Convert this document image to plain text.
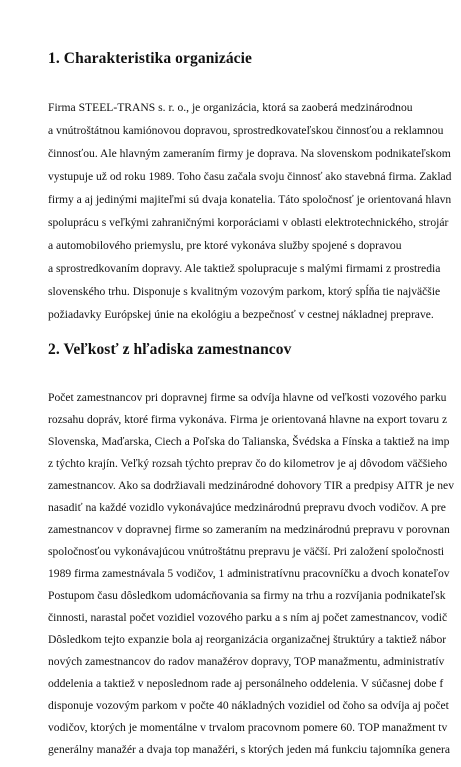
1. Charakteristika organizácie
Firma STEEL-TRANS s. r. o., je organizácia, ktorá sa zaoberá medzinárodnou
a vnútroštátnou kamiónovou dopravou, sprostredkovateľskou činnosťou a reklamnou
činnosťou. Ale hlavným zameraním firmy je doprava. Na slovenskom podnikateľskom
vystupuje už od roku 1989. Toho času začala svoju činnosť ako stavebná firma. Zaklad
firmy a aj jedinými majiteľmi sú dvaja konatelia. Táto spoločnosť je orientovaná hlavn
spoluprácu s veľkými zahraničnými korporáciami v oblasti elektrotechnického, strojár
a automobilového priemyslu, pre ktoré vykonáva služby spojené s dopravou
a sprostredkovaním dopravy. Ale taktiež spolupracuje s malými firmami z prostredia
slovenského trhu. Disponuje s kvalitným vozovým parkom, ktorý spĺňa tie najväčšie
požiadavky Európskej únie na ekológiu a bezpečnosť v cestnej nákladnej preprave.
2. Veľkosť z hľadiska zamestnancov
Počet zamestnancov pri dopravnej firme sa odvíja hlavne od veľkosti vozového parku
rozsahu dopráv, ktoré firma vykonáva. Firma je orientovaná hlavne na export tovaru z
Slovenska, Maďarska, Ciech a Poľska do Talianska, Švédska a Fínska a taktiež na imp
z týchto krajín. Veľký rozsah týchto preprav čo do kilometrov je aj dôvodom väčšieho
zamestnancov. Ako sa dodržiavali medzinárodné dohovory TIR a predpisy AITR je nev
nasadiť na každé vozidlo vykonávajúce medzinárodnú prepravu dvoch vodičov. A pre
zamestnancov v dopravnej firme so zameraním na medzinárodnú prepravu v porovnan
spoločnosťou vykonávajúcou vnútroštátnu prepravu je väčší. Pri založení spoločnosti
1989 firma zamestnávala 5 vodičov, 1 administratívnu pracovníčku a dvoch konateľov
Postupom času dôsledkom udomácňovania sa firmy na trhu a rozvíjania podnikateľsk
činnosti, narastal počet vozidiel vozového parku a s ním aj počet zamestnancov, vodič
Dôsledkom tejto expanzie bola aj reorganizácia organizačnej štruktúry a taktiež nábor
nových zamestnancov do radov manažérov dopravy, TOP manažmentu, administratív
oddelenia a taktiež v neposlednom rade aj personálneho oddelenia. V súčasnej dobe f
disponuje vozovým parkom v počte 40 nákladných vozidiel od čoho sa odvíja aj počet
vodičov, ktorých je momentálne v trvalom pracovnom pomere 60. TOP manažment tv
generálny manažér a dvaja top manažéri, s ktorých jeden má funkciu tajomníka genera
